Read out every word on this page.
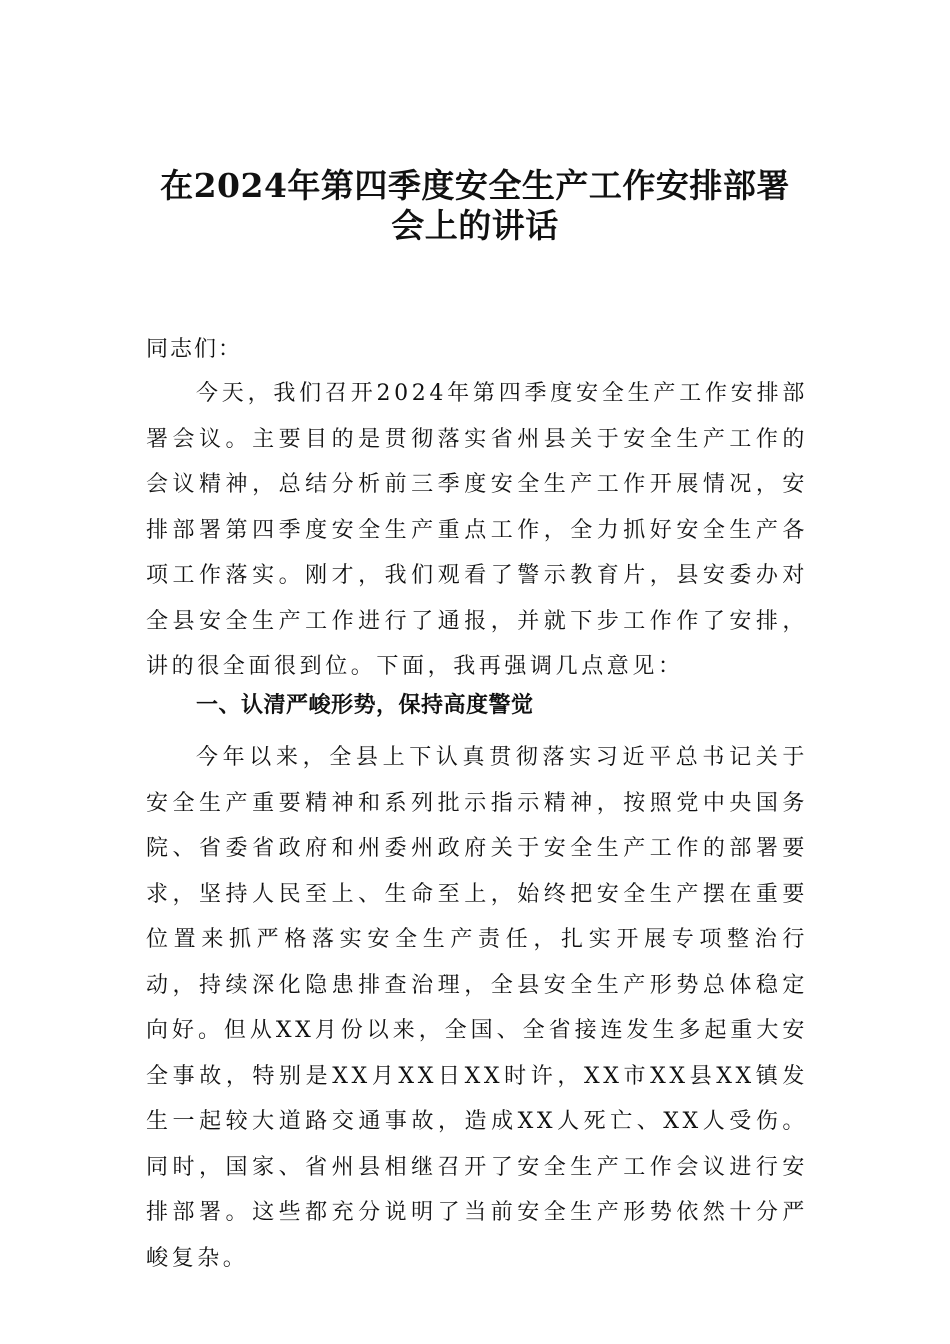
在2024年第四季度安全生产工作安排部署
会上的讲话

同志们：

今天，我们召开2024年第四季度安全生产工作安排部署会议。主要目的是贯彻落实省州县关于安全生产工作的会议精神，总结分析前三季度安全生产工作开展情况，安排部署第四季度安全生产重点工作，全力抓好安全生产各项工作落实。刚才，我们观看了警示教育片，县安委办对全县安全生产工作进行了通报，并就下步工作作了安排，讲的很全面很到位。下面，我再强调几点意见：

一、认清严峻形势，保持高度警觉

今年以来，全县上下认真贯彻落实习近平总书记关于安全生产重要精神和系列批示指示精神，按照党中央国务院、省委省政府和州委州政府关于安全生产工作的部署要求，坚持人民至上、生命至上，始终把安全生产摆在重要位置来抓严格落实安全生产责任，扎实开展专项整治行动，持续深化隐患排查治理，全县安全生产形势总体稳定向好。但从XX月份以来，全国、全省接连发生多起重大安全事故，特别是XX月XX日XX时许，XX市XX县XX镇发生一起较大道路交通事故，造成XX人死亡、XX人受伤。同时，国家、省州县相继召开了安全生产工作会议进行安排部署。这些都充分说明了当前安全生产形势依然十分严峻复杂。
